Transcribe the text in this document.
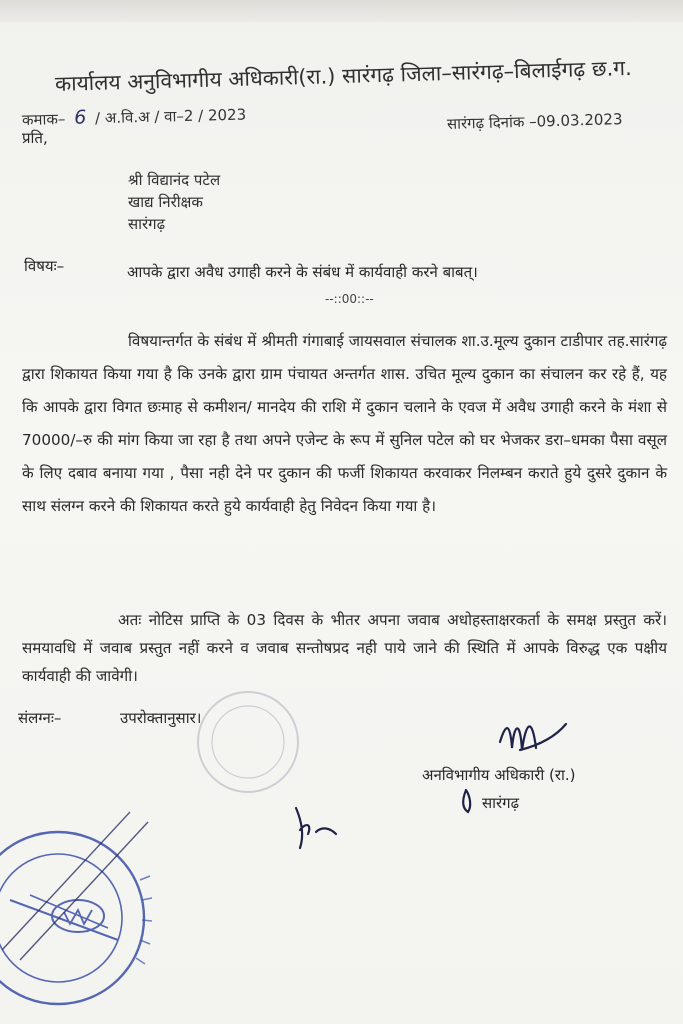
कार्यालय अनुविभागीय अधिकारी(रा.) सारंगढ़ जिला–सारंगढ़–बिलाईगढ़ छ.ग.
कमाक– 6 / अ.वि.अ / वा–2 / 2023	सारंगढ़ दिनांक –09.03.2023
प्रति,
श्री विद्यानंद पटेल
खाद्य निरीक्षक
सारंगढ़
विषयः–	आपके द्वारा अवैध उगाही करने के संबंध में कार्यवाही करने बाबत्।
--::00::--
विषयान्तर्गत के संबंध में श्रीमती गंगाबाई जायसवाल संचालक शा.उ.मूल्य दुकान टाडीपार तह.सारंगढ़ द्वारा शिकायत किया गया है कि उनके द्वारा ग्राम पंचायत अन्तर्गत शास. उचित मूल्य दुकान का संचालन कर रहे हैं, यह कि आपके द्वारा विगत छःमाह से कमीशन/ मानदेय की राशि में दुकान चलाने के एवज में अवैध उगाही करने के मंशा से 70000/–रु की मांग किया जा रहा है तथा अपने एजेन्ट के रूप में सुनिल पटेल को घर भेजकर डरा–धमका पैसा वसूल के लिए दबाव बनाया गया , पैसा नही देने पर दुकान की फर्जी शिकायत करवाकर निलम्बन कराते हुये दुसरे दुकान के साथ संलग्न करने की शिकायत करते हुये कार्यवाही हेतु निवेदन किया गया है।
अतः नोटिस प्राप्ति के 03 दिवस के भीतर अपना जवाब अधोहस्ताक्षरकर्ता के समक्ष प्रस्तुत करें। समयावधि में जवाब प्रस्तुत नहीं करने व जवाब सन्तोषप्रद नही पाये जाने की स्थिति में आपके विरुद्ध एक पक्षीय कार्यवाही की जावेगी।
संलग्नः–	उपरोक्तानुसार।
अनविभागीय अधिकारी (रा.)
सारंगढ़
